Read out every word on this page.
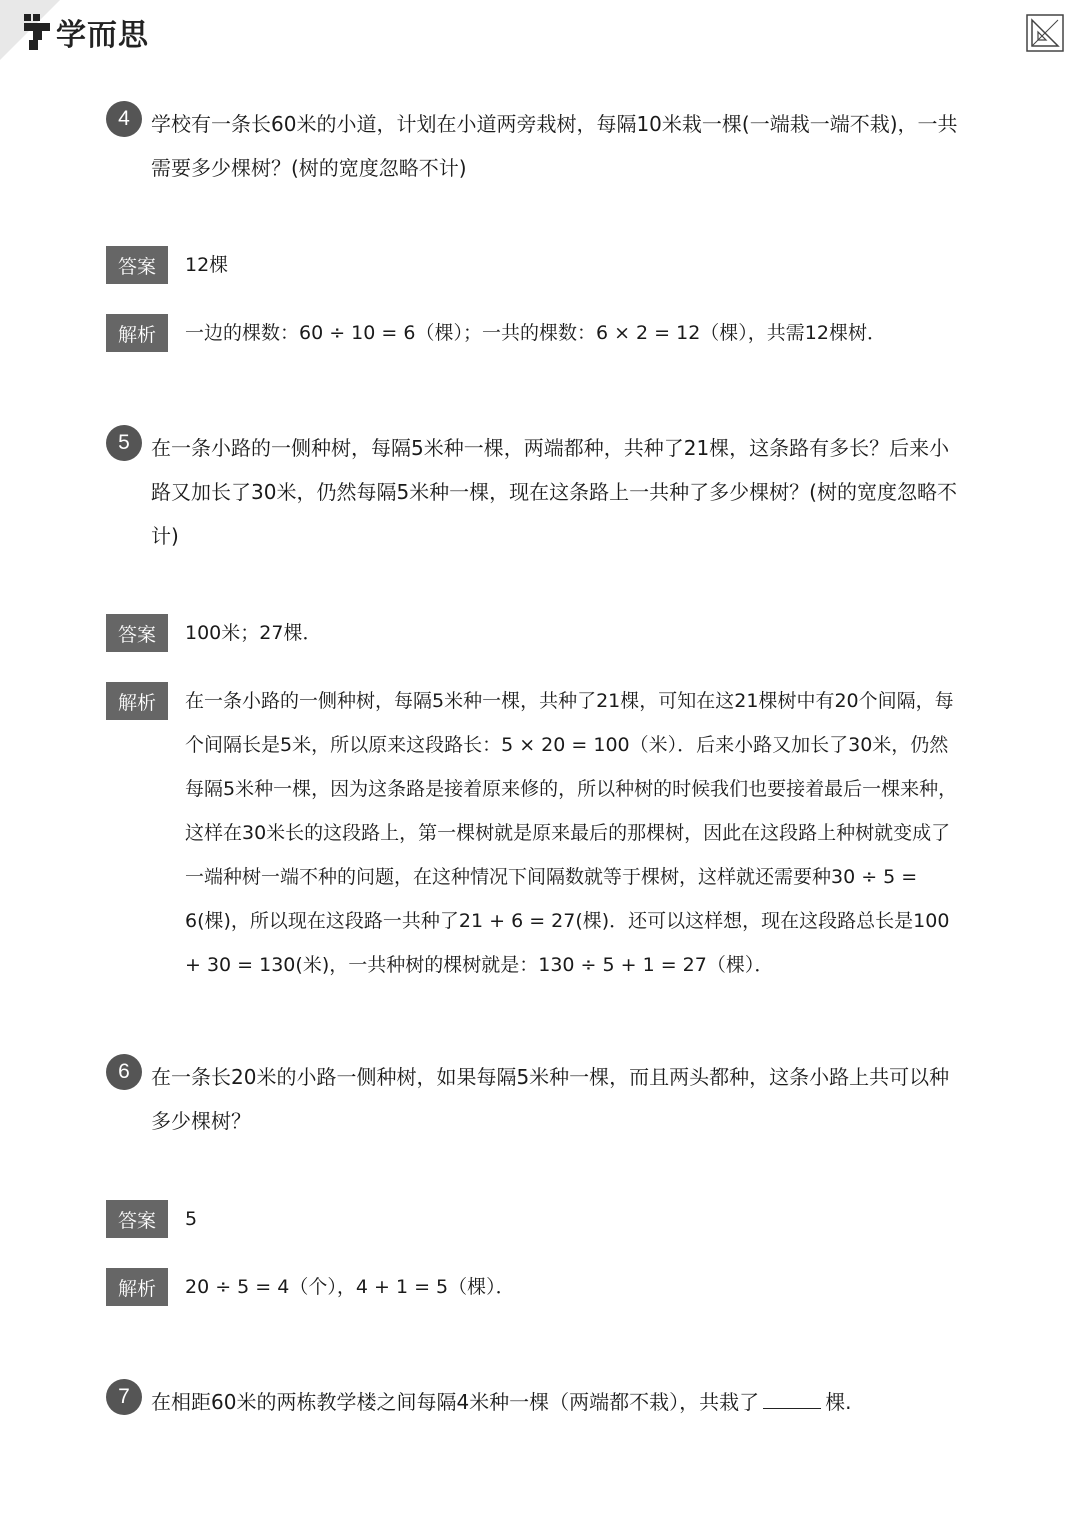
学而思
4	学校有一条长60米的小道，计划在小道两旁栽树，每隔10米栽一棵(一端栽一端不栽)，一共需要多少棵树？(树的宽度忽略不计)
答案	12棵
解析	一边的棵数：60 ÷ 10 = 6（棵）；一共的棵数：6 × 2 = 12（棵），共需12棵树．
5	在一条小路的一侧种树，每隔5米种一棵，两端都种，共种了21棵，这条路有多长？后来小路又加长了30米，仍然每隔5米种一棵，现在这条路上一共种了多少棵树？(树的宽度忽略不计)
答案	100米；27棵．
解析	在一条小路的一侧种树，每隔5米种一棵，共种了21棵，可知在这21棵树中有20个间隔，每个间隔长是5米，所以原来这段路长：5 × 20 = 100（米）．后来小路又加长了30米，仍然每隔5米种一棵，因为这条路是接着原来修的，所以种树的时候我们也要接着最后一棵来种，这样在30米长的这段路上，第一棵树就是原来最后的那棵树，因此在这段路上种树就变成了一端种树一端不种的问题，在这种情况下间隔数就等于棵树，这样就还需要种30 ÷ 5 = 6(棵)，所以现在这段路一共种了21 + 6 = 27(棵)．还可以这样想，现在这段路总长是100 + 30 = 130(米)，一共种树的棵树就是：130 ÷ 5 + 1 = 27（棵）．
6	在一条长20米的小路一侧种树，如果每隔5米种一棵，而且两头都种，这条小路上共可以种多少棵树？
答案	5
解析	20 ÷ 5 = 4（个），4 + 1 = 5（棵）．
7	在相距60米的两栋教学楼之间每隔4米种一棵（两端都不栽），共栽了	棵.
